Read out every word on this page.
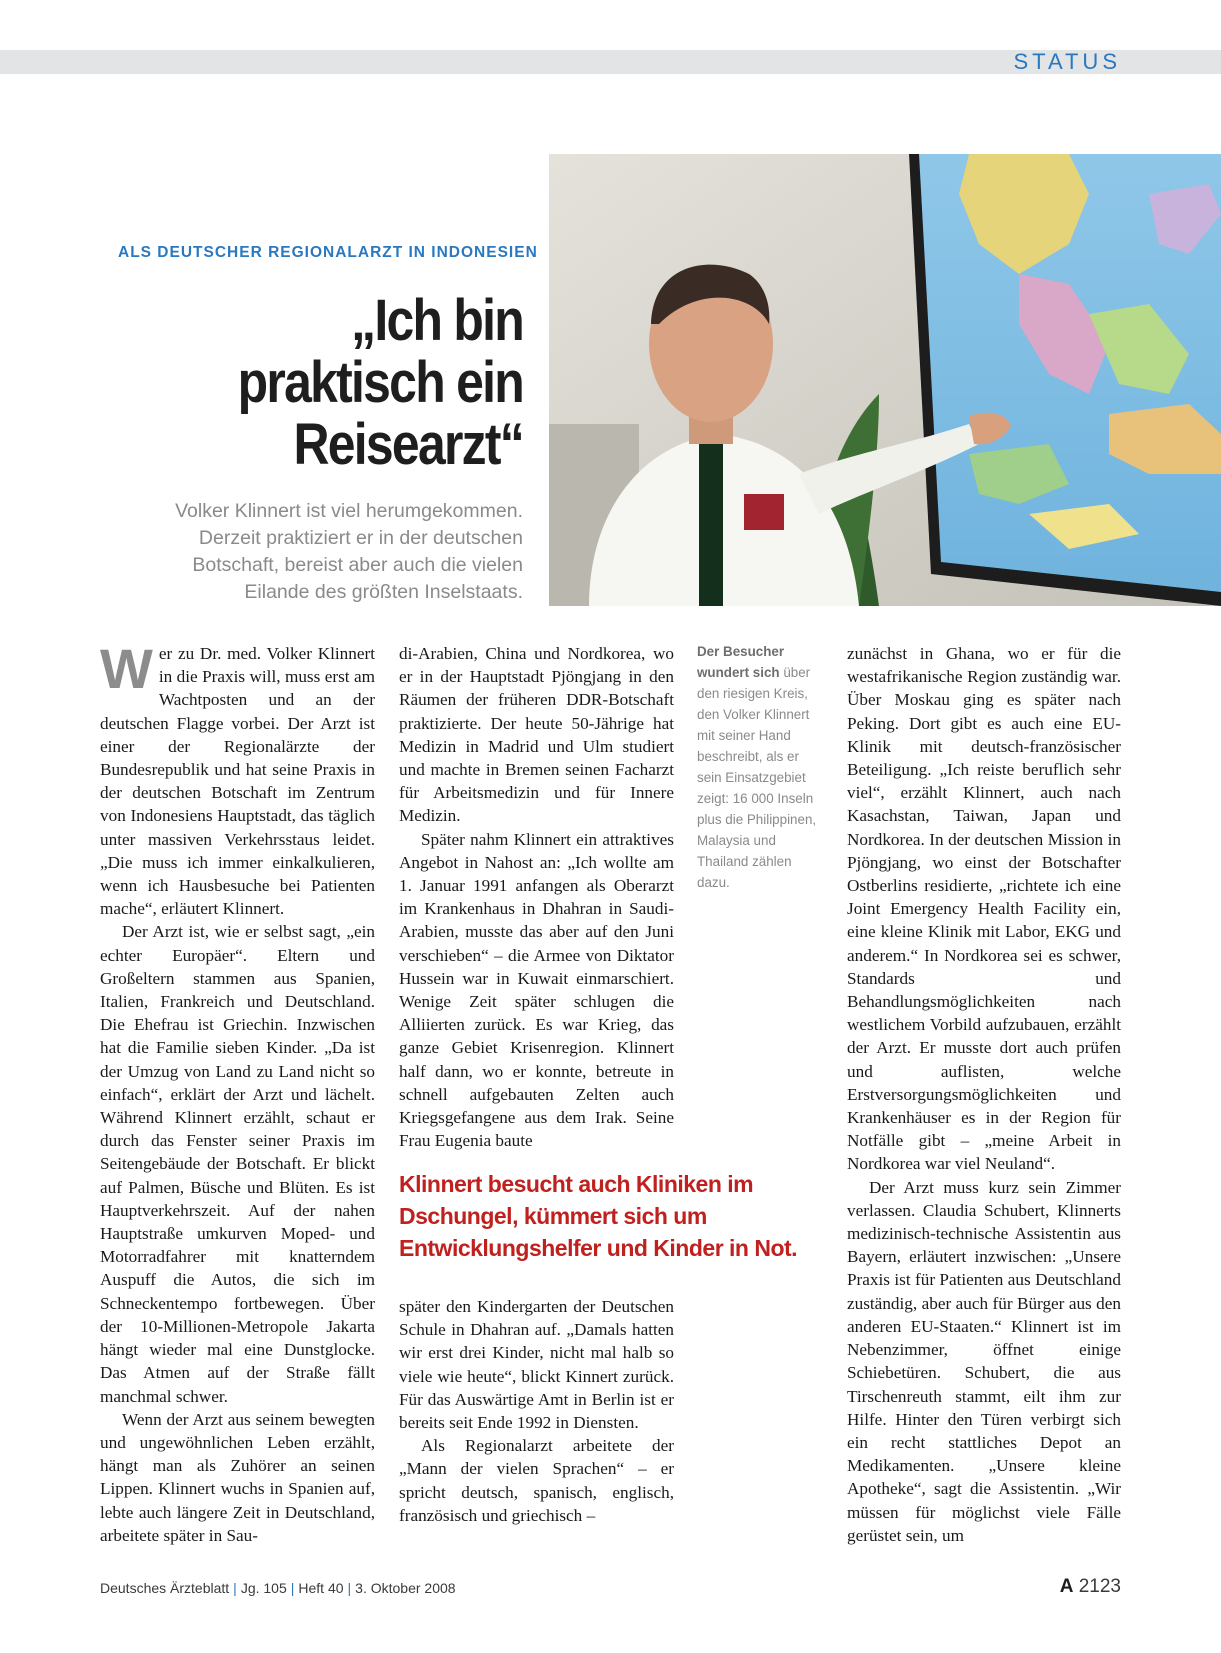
STATUS
ALS DEUTSCHER REGIONALARZT IN INDONESIEN
„Ich bin
praktisch ein
Reisearzt“
Volker Klinnert ist viel herumgekommen.
Derzeit praktiziert er in der deutschen
Botschaft, bereist aber auch die vielen
Eilande des größten Inselstaats.

Wer zu Dr. med. Volker Klinnert in die Praxis will, muss erst am Wachtposten und an der deutschen Flagge vorbei. Der Arzt ist einer der Regionalärzte der Bundesrepublik und hat seine Praxis in der deutschen Botschaft im Zentrum von Indonesiens Hauptstadt, das täglich unter massiven Verkehrsstaus leidet. „Die muss ich immer einkalkulieren, wenn ich Hausbesuche bei Patienten mache“, erläutert Klinnert.

Der Arzt ist, wie er selbst sagt, „ein echter Europäer“. Eltern und Großeltern stammen aus Spanien, Italien, Frankreich und Deutschland. Die Ehefrau ist Griechin. Inzwischen hat die Familie sieben Kinder. „Da ist der Umzug von Land zu Land nicht so einfach“, erklärt der Arzt und lächelt. Während Klinnert erzählt, schaut er durch das Fenster seiner Praxis im Seitengebäude der Botschaft. Er blickt auf Palmen, Büsche und Blüten. Es ist Hauptverkehrszeit. Auf der nahen Hauptstraße umkurven Moped- und Motorradfahrer mit knatterndem Auspuff die Autos, die sich im Schneckentempo fortbewegen. Über der 10-Millionen-Metropole Jakarta hängt wieder mal eine Dunstglocke. Das Atmen auf der Straße fällt manchmal schwer.

Wenn der Arzt aus seinem bewegten und ungewöhnlichen Leben erzählt, hängt man als Zuhörer an seinen Lippen. Klinnert wuchs in Spanien auf, lebte auch längere Zeit in Deutschland, arbeitete später in Sau-

di-Arabien, China und Nordkorea, wo er in der Hauptstadt Pjöngjang in den Räumen der früheren DDR-Botschaft praktizierte. Der heute 50-Jährige hat Medizin in Madrid und Ulm studiert und machte in Bremen seinen Facharzt für Arbeitsmedizin und für Innere Medizin.

Später nahm Klinnert ein attraktives Angebot in Nahost an: „Ich wollte am 1. Januar 1991 anfangen als Oberarzt im Krankenhaus in Dhahran in Saudi-Arabien, musste das aber auf den Juni verschieben“ – die Armee von Diktator Hussein war in Kuwait einmarschiert. Wenige Zeit später schlugen die Alliierten zurück. Es war Krieg, das ganze Gebiet Krisenregion. Klinnert half dann, wo er konnte, betreute in schnell aufgebauten Zelten auch Kriegsgefangene aus dem Irak. Seine Frau Eugenia baute

Klinnert besucht auch Kliniken im
Dschungel, kümmert sich um
Entwicklungshelfer und Kinder in Not.

später den Kindergarten der Deutschen Schule in Dhahran auf. „Damals hatten wir erst drei Kinder, nicht mal halb so viele wie heute“, blickt Kinnert zurück. Für das Auswärtige Amt in Berlin ist er bereits seit Ende 1992 in Diensten.

Als Regionalarzt arbeitete der „Mann der vielen Sprachen“ – er spricht deutsch, spanisch, englisch, französisch und griechisch –

Der Besucher wundert sich über den riesigen Kreis, den Volker Klinnert mit seiner Hand beschreibt, als er sein Einsatzgebiet zeigt: 16 000 Inseln plus die Philippinen, Malaysia und Thailand zählen dazu.

zunächst in Ghana, wo er für die westafrikanische Region zuständig war. Über Moskau ging es später nach Peking. Dort gibt es auch eine EU-Klinik mit deutsch-französischer Beteiligung. „Ich reiste beruflich sehr viel“, erzählt Klinnert, auch nach Kasachstan, Taiwan, Japan und Nordkorea. In der deutschen Mission in Pjöngjang, wo einst der Botschafter Ostberlins residierte, „richtete ich eine Joint Emergency Health Facility ein, eine kleine Klinik mit Labor, EKG und anderem.“ In Nordkorea sei es schwer, Standards und Behandlungsmöglichkeiten nach westlichem Vorbild aufzubauen, erzählt der Arzt. Er musste dort auch prüfen und auflisten, welche Erstversorgungsmöglichkeiten und Krankenhäuser es in der Region für Notfälle gibt – „meine Arbeit in Nordkorea war viel Neuland“.

Der Arzt muss kurz sein Zimmer verlassen. Claudia Schubert, Klinnerts medizinisch-technische Assistentin aus Bayern, erläutert inzwischen: „Unsere Praxis ist für Patienten aus Deutschland zuständig, aber auch für Bürger aus den anderen EU-Staaten.“ Klinnert ist im Nebenzimmer, öffnet einige Schiebetüren. Schubert, die aus Tirschenreuth stammt, eilt ihm zur Hilfe. Hinter den Türen verbirgt sich ein recht stattliches Depot an Medikamenten. „Unsere kleine Apotheke“, sagt die Assistentin. „Wir müssen für möglichst viele Fälle gerüstet sein, um

Deutsches Ärzteblatt | Jg. 105 | Heft 40 | 3. Oktober 2008	A 2123
